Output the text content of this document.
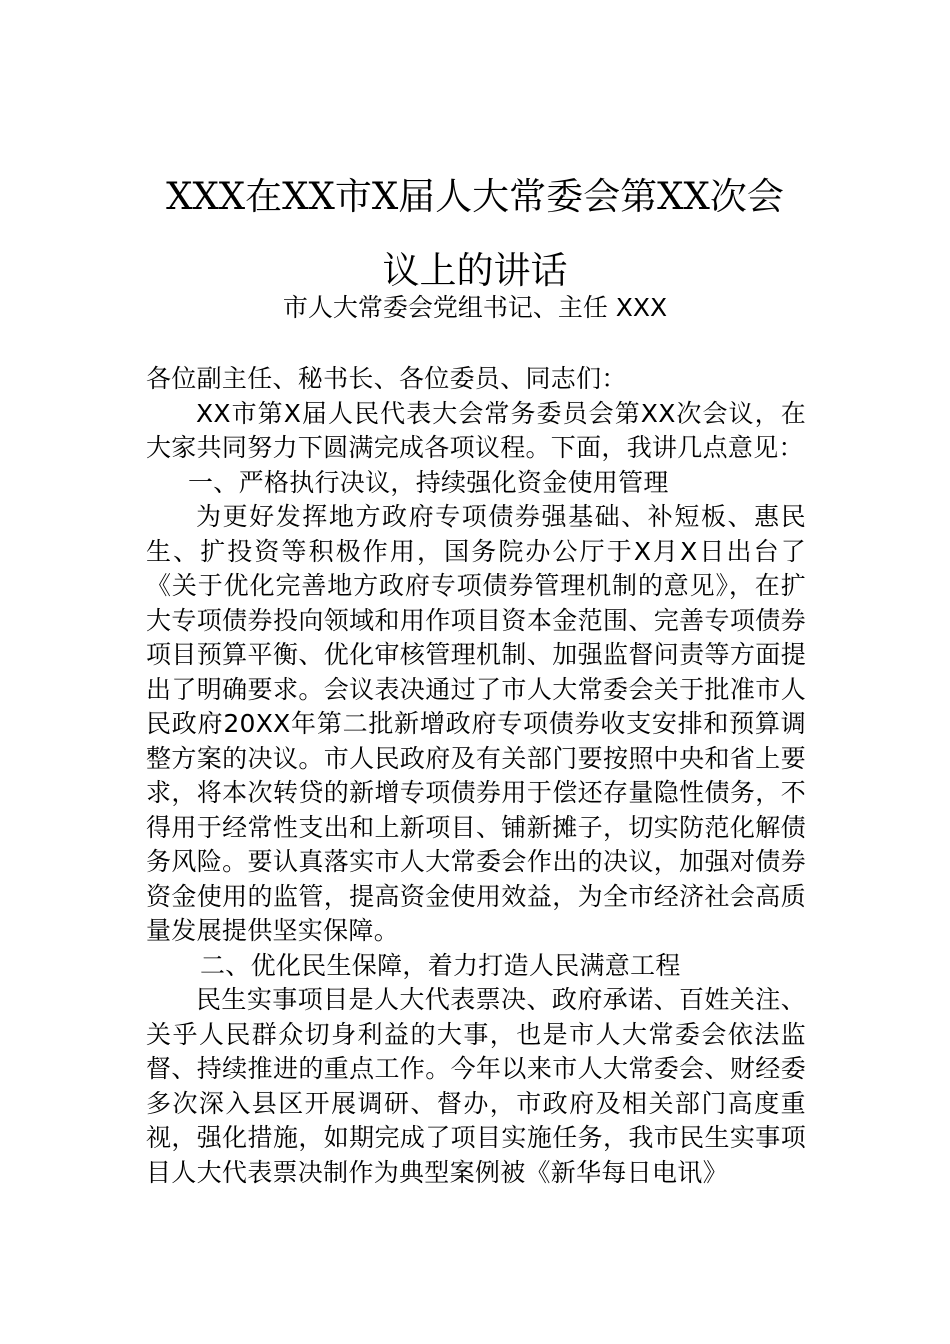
XXX在XX市X届人大常委会第XX次会
议上的讲话
市人大常委会党组书记、主任 XXX

各位副主任、秘书长、各位委员、同志们：

XX市第X届人民代表大会常务委员会第XX次会议，在大家共同努力下圆满完成各项议程。下面，我讲几点意见：

一、严格执行决议，持续强化资金使用管理

为更好发挥地方政府专项债券强基础、补短板、惠民生、扩投资等积极作用，国务院办公厅于X月X日出台了《关于优化完善地方政府专项债券管理机制的意见》，在扩大专项债券投向领域和用作项目资本金范围、完善专项债券项目预算平衡、优化审核管理机制、加强监督问责等方面提出了明确要求。会议表决通过了市人大常委会关于批准市人民政府20XX年第二批新增政府专项债券收支安排和预算调整方案的决议。市人民政府及有关部门要按照中央和省上要求，将本次转贷的新增专项债券用于偿还存量隐性债务，不得用于经常性支出和上新项目、铺新摊子，切实防范化解债务风险。要认真落实市人大常委会作出的决议，加强对债券资金使用的监管，提高资金使用效益，为全市经济社会高质量发展提供坚实保障。

二、优化民生保障，着力打造人民满意工程

民生实事项目是人大代表票决、政府承诺、百姓关注、关乎人民群众切身利益的大事，也是市人大常委会依法监督、持续推进的重点工作。今年以来市人大常委会、财经委多次深入县区开展调研、督办，市政府及相关部门高度重视，强化措施，如期完成了项目实施任务，我市民生实事项目人大代表票决制作为典型案例被《新华每日电讯》
